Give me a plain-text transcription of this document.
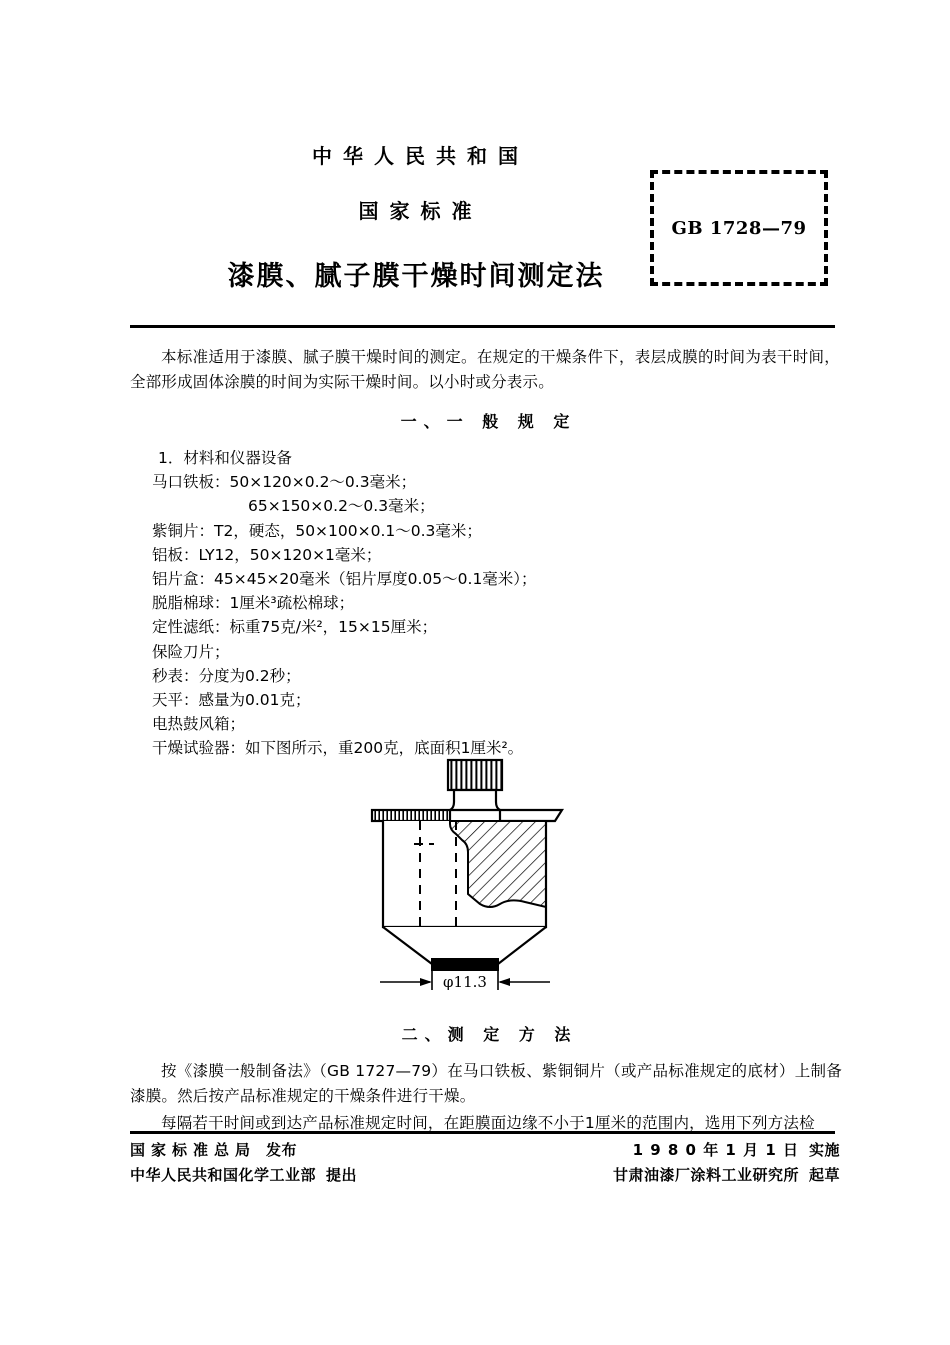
中华人民共和国
国家标准
漆膜、腻子膜干燥时间测定法
GB 1728—79

本标准适用于漆膜、腻子膜干燥时间的测定。在规定的干燥条件下，表层成膜的时间为表干时间，全部形成固体涂膜的时间为实际干燥时间。以小时或分表示。

一、一 般 规 定
1．材料和仪器设备
马口铁板：50×120×0.2～0.3毫米；
65×150×0.2～0.3毫米；
紫铜片：T2，硬态，50×100×0.1～0.3毫米；
铝板：LY12，50×120×1毫米；
铝片盒：45×45×20毫米（铝片厚度0.05～0.1毫米）；
脱脂棉球：1厘米³疏松棉球；
定性滤纸：标重75克/米²，15×15厘米；
保险刀片；
秒表：分度为0.2秒；
天平：感量为0.01克；
电热鼓风箱；
干燥试验器：如下图所示，重200克，底面积1厘米²。
φ11.3
二、测 定 方 法

按《漆膜一般制备法》（GB 1727—79）在马口铁板、紫铜铜片（或产品标准规定的底材）上制备漆膜。然后按产品标准规定的干燥条件进行干燥。

每隔若干时间或到达产品标准规定时间，在距膜面边缘不小于1厘米的范围内，选用下列方法检

国家标准总局 发布	1 9 8 0 年 1 月 1 日 实施
中华人民共和国化学工业部 提出	甘肃油漆厂涂料工业研究所 起草
